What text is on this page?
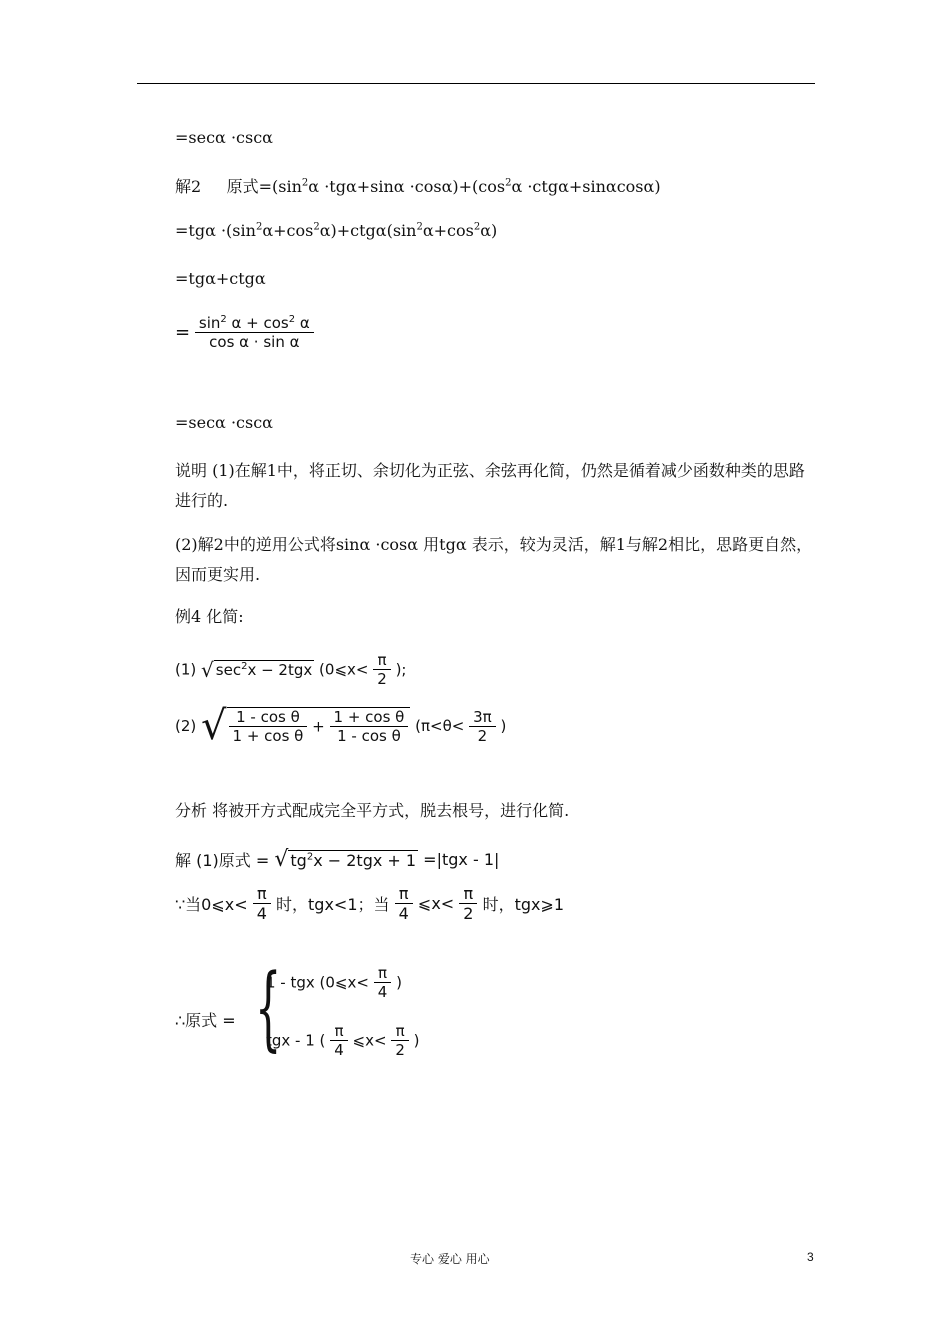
=secα ·cscα
解2 原式$=(\sin^2\alpha \cdot tg\alpha+\sin\alpha \cdot\cos\alpha)+(\cos^2\alpha \cdot ctg\alpha+\sin\alpha\cos\alpha)$
$=tg\alpha \cdot(\sin^2\alpha+\cos^2\alpha)+ctg\alpha(\sin^2\alpha+\cos^2\alpha)$
=tgα+ctgα
= $\frac{\sin^2 \alpha + \cos^2 \alpha}{\text{cos α · sin α}}$
=secα ·cscα
说明 (1)在解1中，将正切、余切化为正弦、余弦再化简，仍然是循着减少函数种类的思路进行的.
(2)解2中的逆用公式将sinα ·cosα 用tgα 表示，较为灵活，解1与解2相比，思路更自然，因而更实用.
例4 化简:
(1) √ $\sec^2x - 2tgx$ (0⩽x< $\frac{\pi}{2}$ );
(2) √ $\frac{\text{1 - cos θ}}{\text{1 + cos θ}} + \frac{\text{1 + cos θ}}{\text{1 - cos θ}} (\pi<\theta< \frac{3\pi}{2}$ )
分析 将被开方式配成完全平方式，脱去根号，进行化简.
解 (1)原式 = √ $tg^2x - 2tgx + 1 =|tgx - 1|$
∵当0⩽x< $\frac{\pi}{4}$ 时，tgx<1；当 $\frac{\pi}{4}$ ⩽x< $\frac{\pi}{2}$ 时，tgx⩾1
∴原式 = {
1 - tgx (0⩽x< $\frac{\pi}{4}$ )
tgx - 1 ( $\frac{\pi}{4}$ ⩽x< $\frac{\pi}{2}$ )
专心 爱心 用心	3
